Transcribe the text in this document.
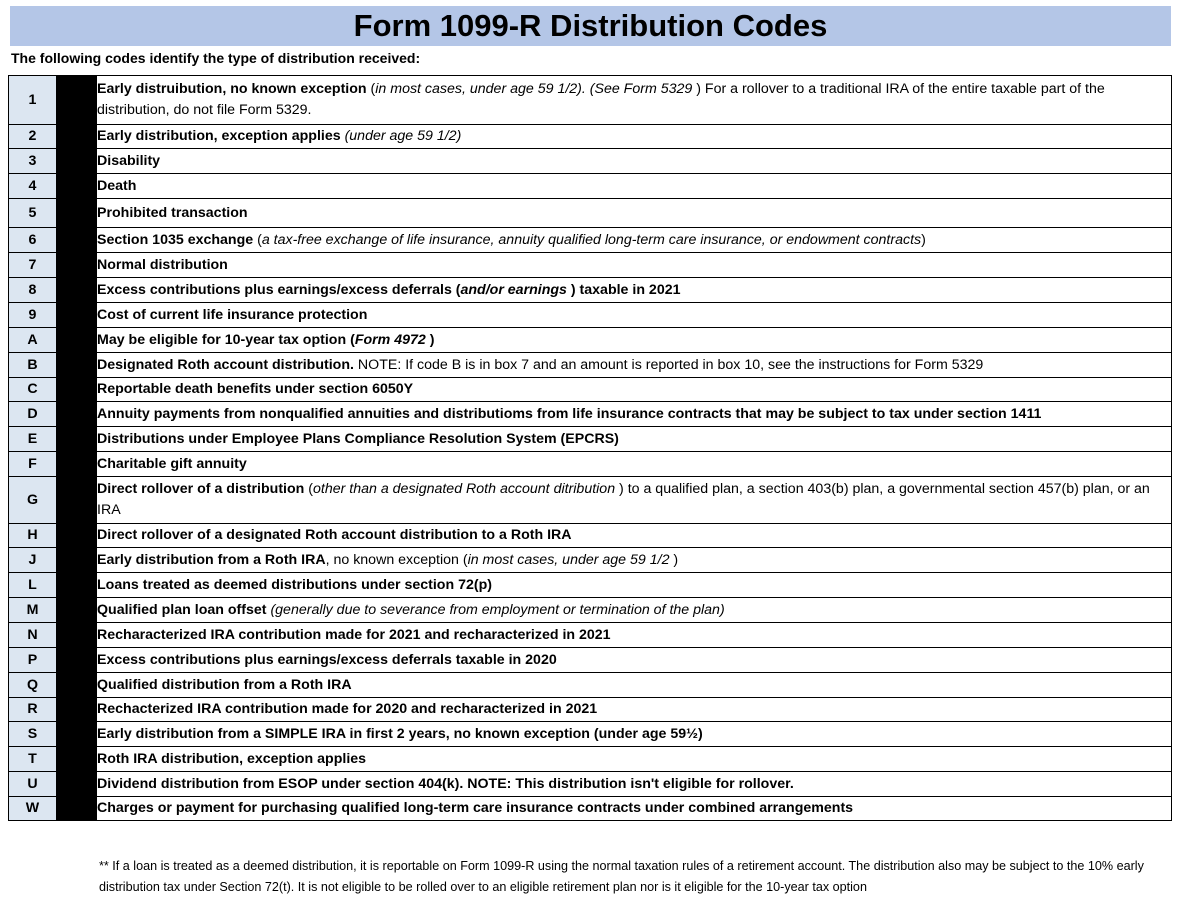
Form 1099-R Distribution Codes
The following codes identify the type of distribution received:
1		Early distruibution, no known exception (in most cases, under age 59 1/2). (See Form 5329 ) For a rollover to a traditional IRA of the entire taxable part of the distribution, do not file Form 5329.
2		Early distribution, exception applies (under age 59 1/2)
3		Disability
4		Death
5		Prohibited transaction
6		Section 1035 exchange (a tax-free exchange of life insurance, annuity qualified long-term care insurance, or endowment contracts)
7		Normal distribution
8		Excess contributions plus earnings/excess deferrals (and/or earnings ) taxable in 2021
9		Cost of current life insurance protection
A		May be eligible for 10-year tax option (Form 4972 )
B		Designated Roth account distribution. NOTE: If code B is in box 7 and an amount is reported in box 10, see the instructions for Form 5329
C		Reportable death benefits under section 6050Y
D		Annuity payments from nonqualified annuities and distributioms from life insurance contracts that may be subject to tax under section 1411
E		Distributions under Employee Plans Compliance Resolution System (EPCRS)
F		Charitable gift annuity
G		Direct rollover of a distribution (other than a designated Roth account ditribution ) to a qualified plan, a section 403(b) plan, a governmental section 457(b) plan, or an IRA
H		Direct rollover of a designated Roth account distribution to a Roth IRA
J		Early distribution from a Roth IRA, no known exception (in most cases, under age 59 1/2 )
L		Loans treated as deemed distributions under section 72(p)
M		Qualified plan loan offset (generally due to severance from employment or termination of the plan)
N		Recharacterized IRA contribution made for 2021 and recharacterized in 2021
P		Excess contributions plus earnings/excess deferrals taxable in 2020
Q		Qualified distribution from a Roth IRA
R		Rechacterized IRA contribution made for 2020 and recharacterized in 2021
S		Early distribution from a SIMPLE IRA in first 2 years, no known exception (under age 59½)
T		Roth IRA distribution, exception applies
U		Dividend distribution from ESOP under section 404(k). NOTE: This distribution isn't eligible for rollover.
W		Charges or payment for purchasing qualified long-term care insurance contracts under combined arrangements
** If a loan is treated as a deemed distribution, it is reportable on Form 1099-R using the normal taxation rules of a retirement account. The distribution also may be subject to the 10% early distribution tax under Section 72(t). It is not eligible to be rolled over to an eligible retirement plan nor is it eligible for the 10-year tax option
